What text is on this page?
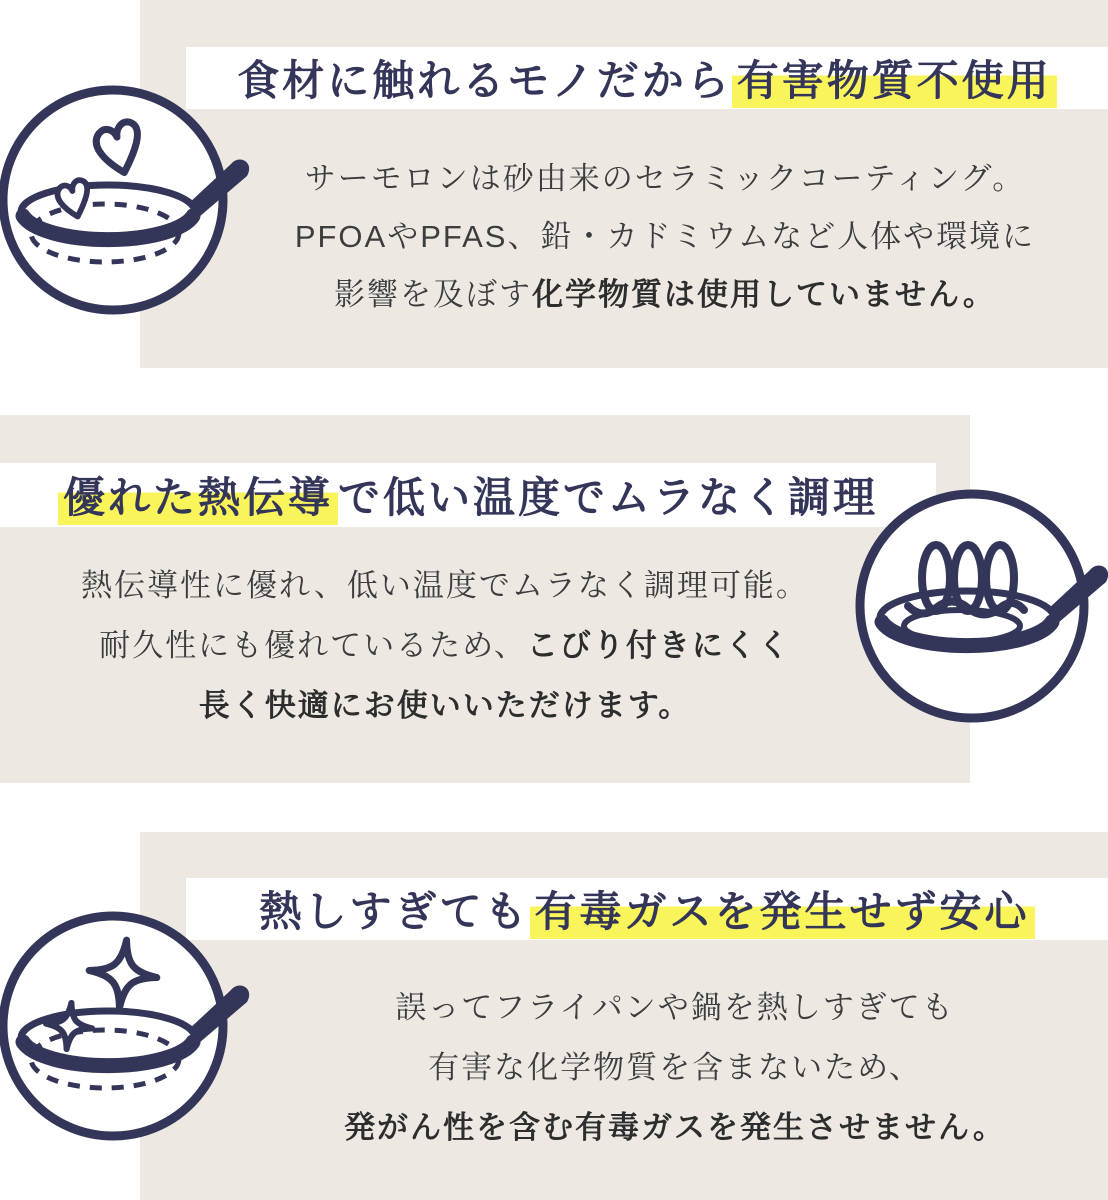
食材に触れるモノだから 有害物質不使用
サーモロンは砂由来のセラミックコーティング。
PFOAやPFAS、鉛・カドミウムなど人体や環境に
影響を及ぼす化学物質は使用していません。
優れた熱伝導 で低い温度でムラなく調理
熱伝導性に優れ、低い温度でムラなく調理可能。
耐久性にも優れているため、こびり付きにくく
長く快適にお使いいただけます。
熱しすぎても 有毒ガスを発生せず安心
誤ってフライパンや鍋を熱しすぎても
有害な化学物質を含まないため、
発がん性を含む有毒ガスを発生させません。
